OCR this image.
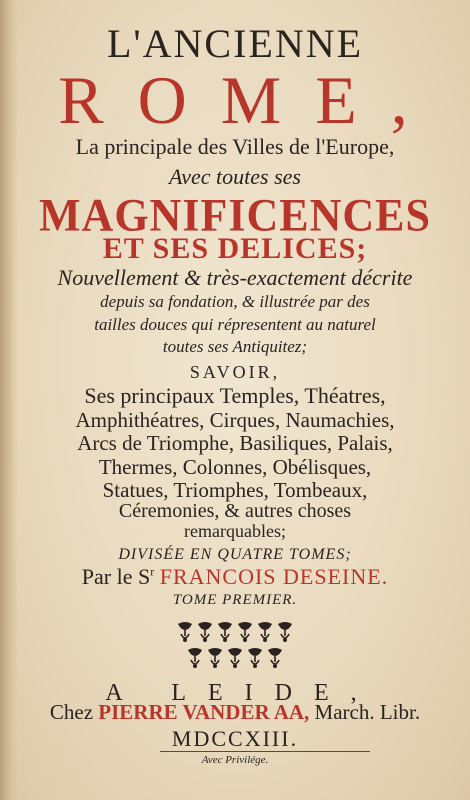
L'ANCIENNE
ROME,
La principale des Villes de l'Europe,
Avec toutes ses
MAGNIFICENCES
ET SES DELICES;
Nouvellement & très-exactement décrite
depuis sa fondation, & illustrée par des
tailles douces qui répresentent au naturel
toutes ses Antiquitez;
SAVOIR,
Ses principaux Temples, Théatres,
Amphithéatres, Cirques, Naumachies,
Arcs de Triomphe, Basiliques, Palais,
Thermes, Colonnes, Obélisques,
Statues, Triomphes, Tombeaux,
Céremonies, & autres choses
remarquables;
DIVISÉE EN QUATRE TOMES;
Par le $S^r$ FRANCOIS DESEINE.
TOME PREMIER.
A LEIDE,
Chez PIERRE VANDER AA, March. Libr.
MDCCXIII.
Avec Privilége.
